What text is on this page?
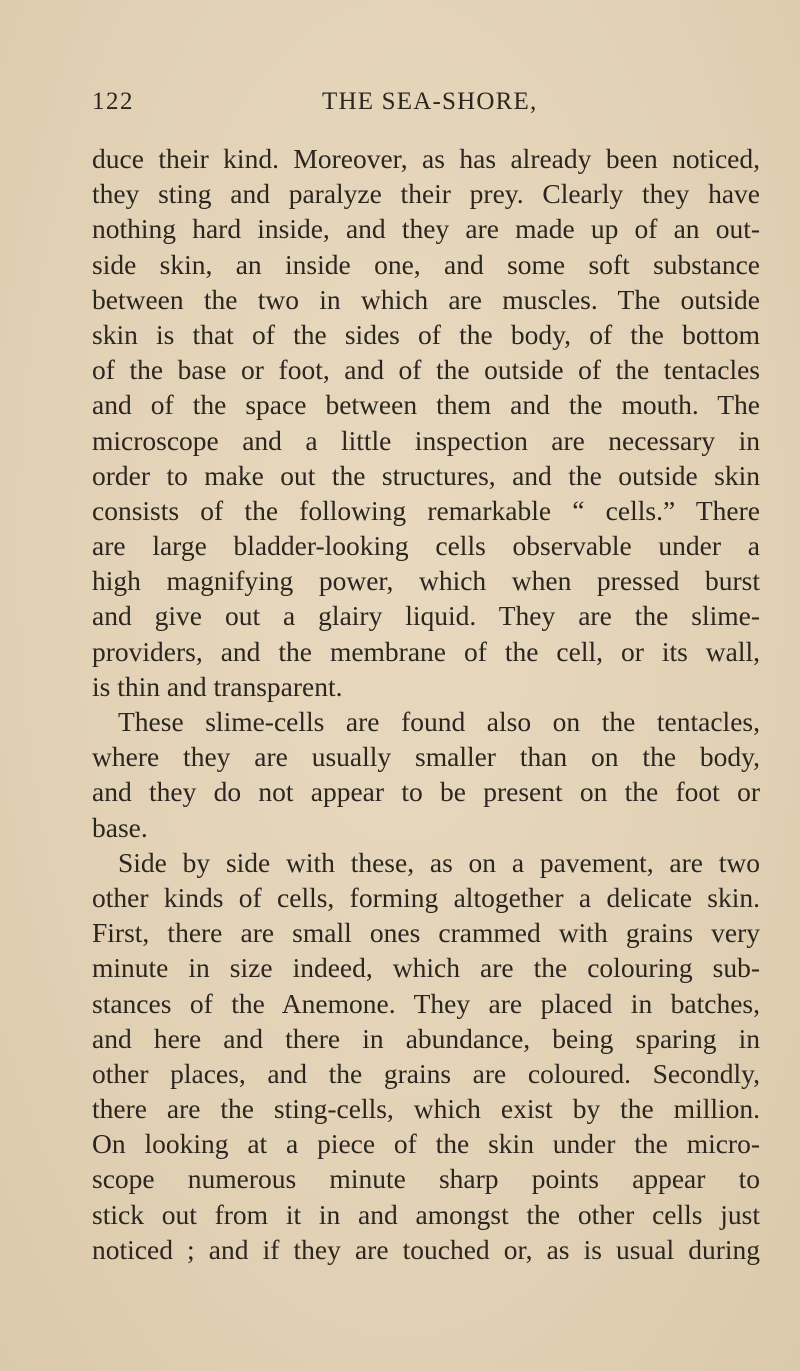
122	THE SEA-SHORE,
duce their kind. Moreover, as has already been noticed,
they sting and paralyze their prey. Clearly they have
nothing hard inside, and they are made up of an out-
side skin, an inside one, and some soft substance
between the two in which are muscles. The outside
skin is that of the sides of the body, of the bottom
of the base or foot, and of the outside of the tentacles
and of the space between them and the mouth. The
microscope and a little inspection are necessary in
order to make out the structures, and the outside skin
consists of the following remarkable “ cells.” There
are large bladder-looking cells observable under a
high magnifying power, which when pressed burst
and give out a glairy liquid. They are the slime-
providers, and the membrane of the cell, or its wall,
is thin and transparent.
These slime-cells are found also on the tentacles,
where they are usually smaller than on the body,
and they do not appear to be present on the foot or
base.
Side by side with these, as on a pavement, are two
other kinds of cells, forming altogether a delicate skin.
First, there are small ones crammed with grains very
minute in size indeed, which are the colouring sub-
stances of the Anemone. They are placed in batches,
and here and there in abundance, being sparing in
other places, and the grains are coloured. Secondly,
there are the sting-cells, which exist by the million.
On looking at a piece of the skin under the micro-
scope numerous minute sharp points appear to
stick out from it in and amongst the other cells just
noticed ; and if they are touched or, as is usual during
